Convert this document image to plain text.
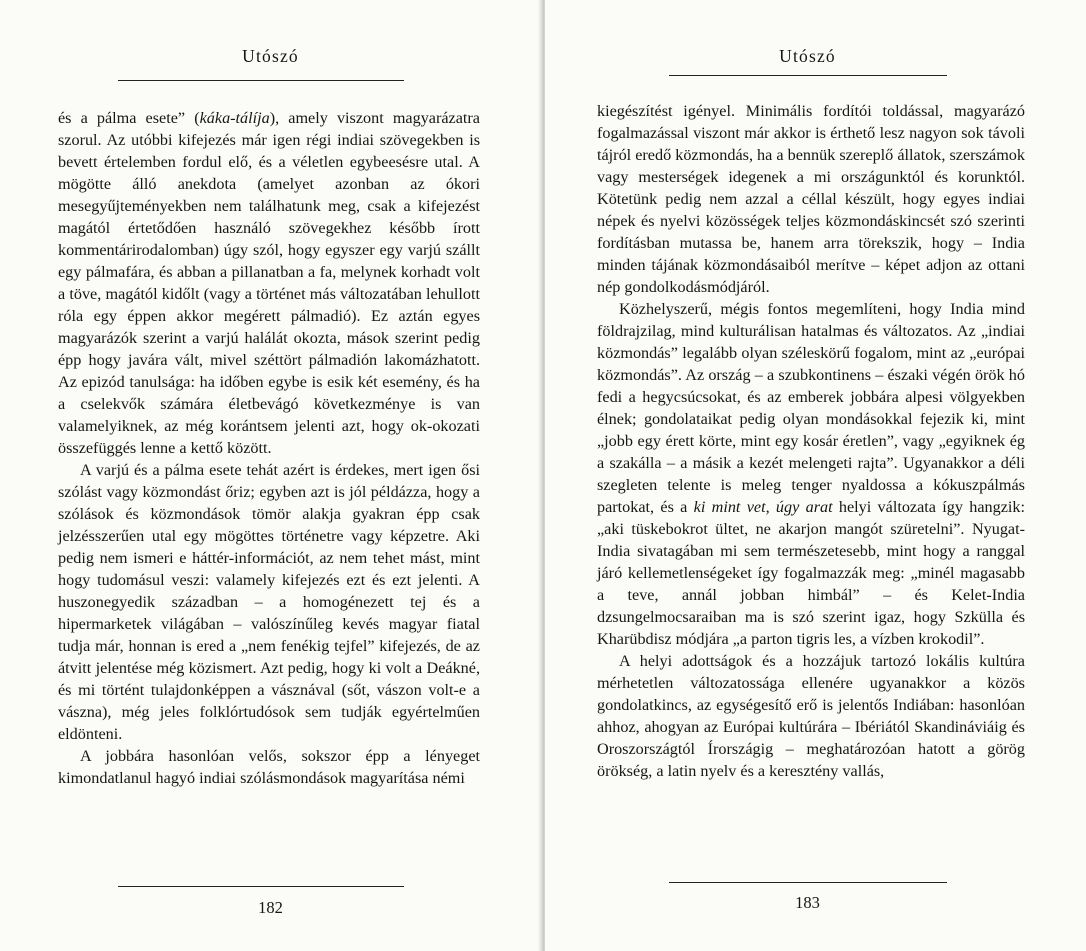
Utószó

és a pálma esete” (káka-tálíja), amely viszont magyarázatra szorul. Az utóbbi kifejezés már igen régi indiai szövegekben is bevett értelemben fordul elő, és a véletlen egybeesésre utal. A mögötte álló anekdota (amelyet azonban az ókori mesegyűjteményekben nem találhatunk meg, csak a kifejezést magától értetődően használó szövegekhez később írott kommentárirodalomban) úgy szól, hogy egyszer egy varjú szállt egy pálmafára, és abban a pillanatban a fa, melynek korhadt volt a töve, magától kidőlt (vagy a történet más változatában lehullott róla egy éppen akkor megérett pálmadió). Ez aztán egyes magyarázók szerint a varjú halálát okozta, mások szerint pedig épp hogy javára vált, mivel széttört pálmadión lakomázhatott. Az epizód tanulsága: ha időben egybe is esik két esemény, és ha a cselekvők számára életbevágó következménye is van valamelyiknek, az még korántsem jelenti azt, hogy ok-okozati összefüggés lenne a kettő között.

A varjú és a pálma esete tehát azért is érdekes, mert igen ősi szólást vagy közmondást őriz; egyben azt is jól példázza, hogy a szólások és közmondások tömör alakja gyakran épp csak jelzésszerűen utal egy mögöttes történetre vagy képzetre. Aki pedig nem ismeri e háttér-információt, az nem tehet mást, mint hogy tudomásul veszi: valamely kifejezés ezt és ezt jelenti. A huszonegyedik században – a homogénezett tej és a hipermarketek világában – valószínűleg kevés magyar fiatal tudja már, honnan is ered a „nem fenékig tejfel” kifejezés, de az átvitt jelentése még közismert. Azt pedig, hogy ki volt a Deákné, és mi történt tulajdonképpen a vásznával (sőt, vászon volt-e a vászna), még jeles folklórtudósok sem tudják egyértelműen eldönteni.

A jobbára hasonlóan velős, sokszor épp a lényeget kimondatlanul hagyó indiai szólásmondások magyarítása némi

182
Utószó

kiegészítést igényel. Minimális fordítói toldással, magyarázó fogalmazással viszont már akkor is érthető lesz nagyon sok távoli tájról eredő közmondás, ha a bennük szereplő állatok, szerszámok vagy mesterségek idegenek a mi országunktól és korunktól. Kötetünk pedig nem azzal a céllal készült, hogy egyes indiai népek és nyelvi közösségek teljes közmondáskincsét szó szerinti fordításban mutassa be, hanem arra törekszik, hogy – India minden tájának közmondásaiból merítve – képet adjon az ottani nép gondolkodásmódjáról.

Közhelyszerű, mégis fontos megemlíteni, hogy India mind földrajzilag, mind kulturálisan hatalmas és változatos. Az „indiai közmondás” legalább olyan széleskörű fogalom, mint az „európai közmondás”. Az ország – a szubkontinens – északi végén örök hó fedi a hegycsúcsokat, és az emberek jobbára alpesi völgyekben élnek; gondolataikat pedig olyan mondásokkal fejezik ki, mint „jobb egy érett körte, mint egy kosár éretlen”, vagy „egyiknek ég a szakálla – a másik a kezét melengeti rajta”. Ugyanakkor a déli szegleten telente is meleg tenger nyaldossa a kókuszpálmás partokat, és a ki mint vet, úgy arat helyi változata így hangzik: „aki tüskebokrot ültet, ne akarjon mangót szüretelni”. Nyugat-India sivatagában mi sem természetesebb, mint hogy a ranggal járó kellemetlenségeket így fogalmazzák meg: „minél magasabb a teve, annál jobban himbál” – és Kelet-India dzsungelmocsaraiban ma is szó szerint igaz, hogy Szküllа és Kharübdisz módjára „a parton tigris les, a vízben krokodil”.

A helyi adottságok és a hozzájuk tartozó lokális kultúra mérhetetlen változatossága ellenére ugyanakkor a közös gondolatkincs, az egységesítő erő is jelentős Indiában: hasonlóan ahhoz, ahogyan az Európai kultúrára – Ibériától Skandináviáig és Oroszországtól Írországig – meghatározóan hatott a görög örökség, a latin nyelv és a keresztény vallás,

183
